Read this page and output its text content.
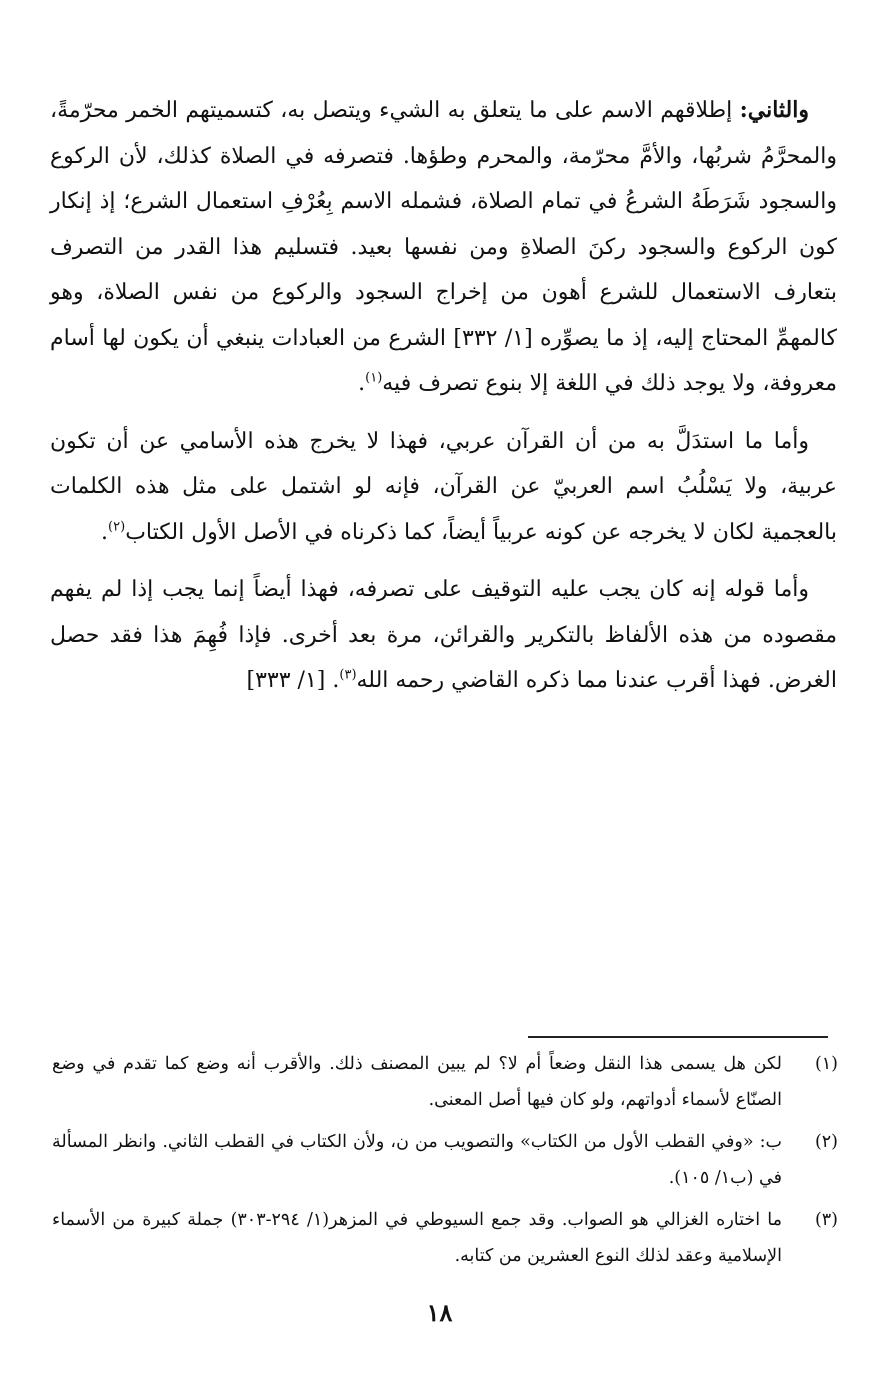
والثاني: إطلاقهم الاسم على ما يتعلق به الشيء ويتصل به، كتسميتهم الخمر محرّمةً، والمحرَّمُ شربُها، والأمَّ محرّمة، والمحرم وطؤها. فتصرفه في الصلاة كذلك، لأن الركوع والسجود شَرَطَهُ الشرعُ في تمام الصلاة، فشمله الاسم بِعُرْفِ استعمال الشرع؛ إذ إنكار كون الركوع والسجود ركنَ الصلاةِ ومن نفسها بعيد. فتسليم هذا القدر من التصرف بتعارف الاستعمال للشرع أهون من إخراج السجود والركوع من نفس الصلاة، وهو كالمهمِّ المحتاج إليه، إذ ما يصوِّره [١/ ٣٣٢] الشرع من العبادات ينبغي أن يكون لها أسام معروفة، ولا يوجد ذلك في اللغة إلا بنوع تصرف فيه$^{(١)}$.

وأما ما استدَلَّ به من أن القرآن عربي، فهذا لا يخرج هذه الأسامي عن أن تكون عربية، ولا يَسْلُبُ اسم العربيّ عن القرآن، فإنه لو اشتمل على مثل هذه الكلمات بالعجمية لكان لا يخرجه عن كونه عربياً أيضاً، كما ذكرناه في الأصل الأول الكتاب$^{(٢)}$.

وأما قوله إنه كان يجب عليه التوقيف على تصرفه، فهذا أيضاً إنما يجب إذا لم يفهم مقصوده من هذه الألفاظ بالتكرير والقرائن، مرة بعد أخرى. فإذا فُهِمَ هذا فقد حصل الغرض. فهذا أقرب عندنا مما ذكره القاضي رحمه الله$^{(٣)}$. [١/ ٣٣٣]

(١)
لكن هل يسمى هذا النقل وضعاً أم لا؟ لم يبين المصنف ذلك. والأقرب أنه وضع كما تقدم في وضع الصنّاع لأسماء أدواتهم، ولو كان فيها أصل المعنى.
(٢)
ب: «وفي القطب الأول من الكتاب» والتصويب من ن، ولأن الكتاب في القطب الثاني. وانظر المسألة في (ب١/ ١٠٥).
(٣)
ما اختاره الغزالي هو الصواب. وقد جمع السيوطي في المزهر(١/ ٢٩٤-٣٠٣) جملة كبيرة من الأسماء الإسلامية وعقد لذلك النوع العشرين من كتابه.
١٨
